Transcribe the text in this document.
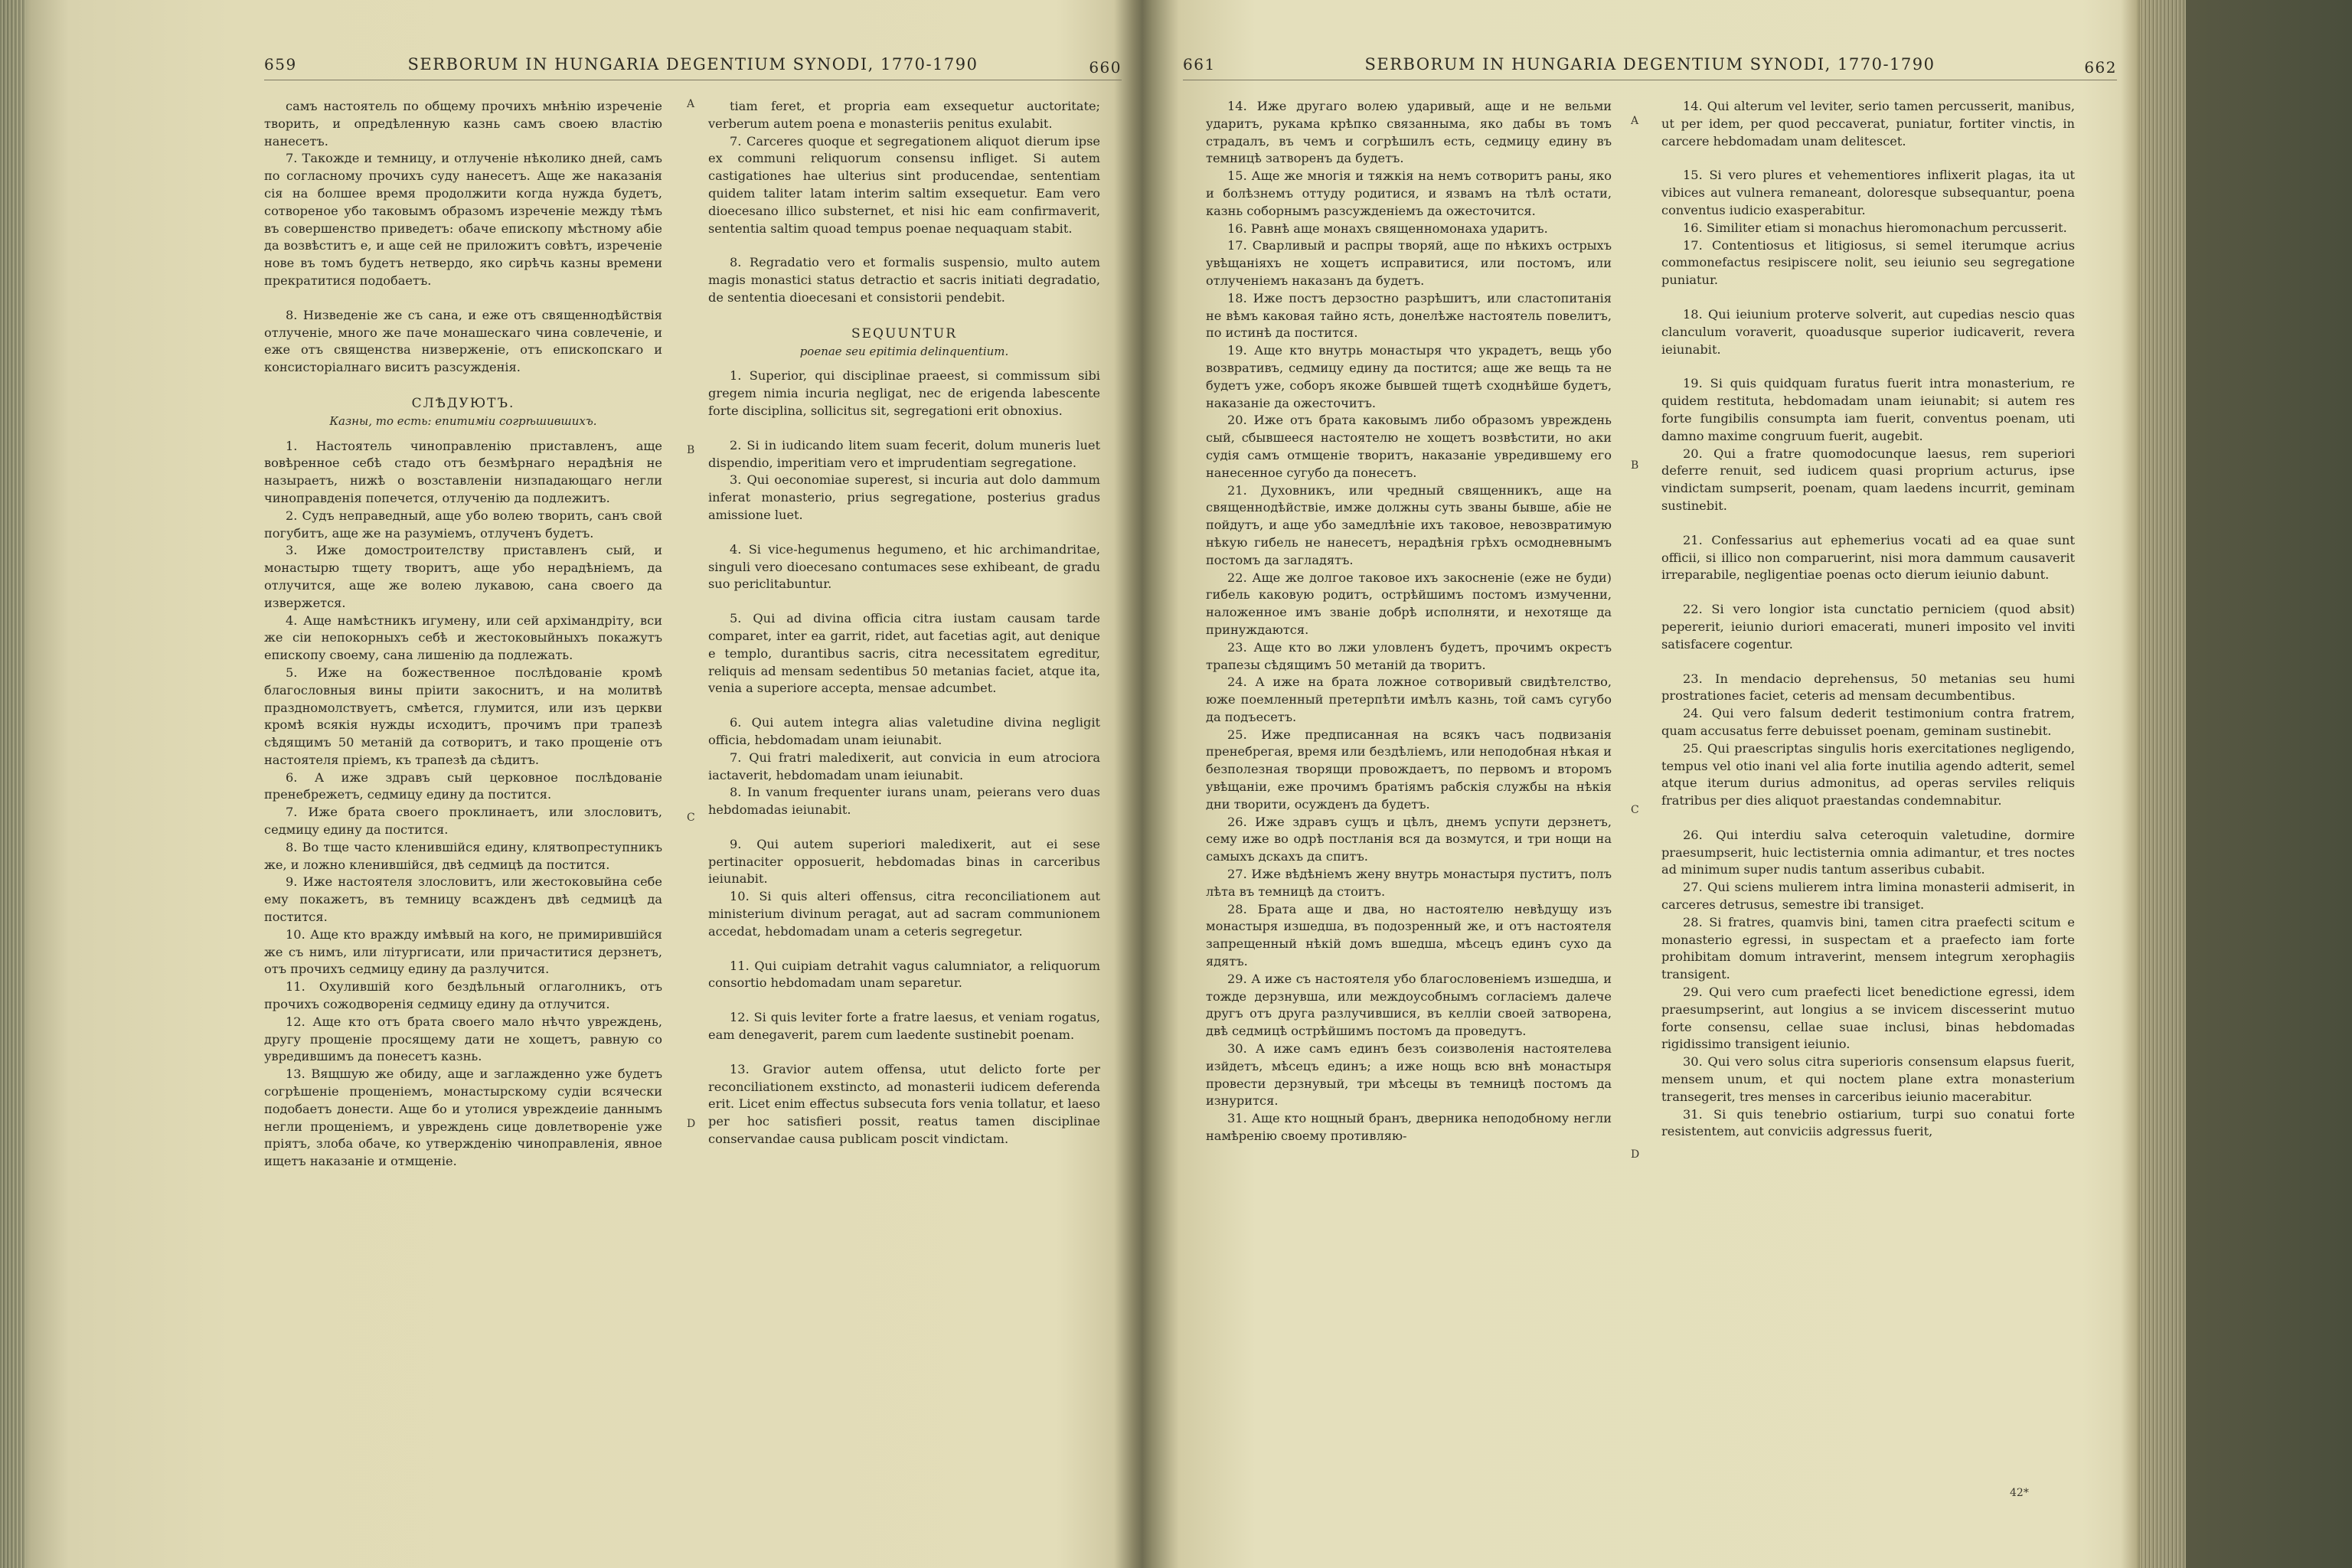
659	SERBORUM IN HUNGARIA DEGENTIUM SYNODI, 1770-1790	660

самъ настоятель по общему прочихъ мнѣнію изреченіе творить, и опредѣленную казнь самъ своею властію нанесетъ.

7. Такожде и темницу, и отлученіе нѣколико дней, самъ по согласному прочихъ суду нанесетъ. Аще же наказанія сія на болшее время продолжити когда нужда будетъ, сотвореное убо таковымъ образомъ изреченіе между тѣмъ въ совершенство приведетъ: обаче епископу мѣстному абіе да возвѣститъ е, и аще сей не приложитъ совѣтъ, изреченіе нове въ томъ будетъ нетвердо, яко сирѣчь казны времени прекратитися подобаетъ.

8. Низведеніе же съ сана, и еже отъ священнодѣйствія отлученіе, много же паче монашескаго чина совлеченіе, и еже отъ священства низверженіе, отъ епископскаго и консисторіалнаго виситъ разсужденія.

СЛѢДУЮТЪ.

Казны, то есть: епитиміи согрѣшившихъ.

1. Настоятель чиноправленію приставленъ, аще вовѣренное себѣ стадо отъ безмѣрнаго нерадѣнія не назыраетъ, нижѣ о возставленіи низпадающаго негли чиноправденія попечется, отлученію да подлежитъ.

2. Судъ неправедный, аще убо волею творить, санъ свой погубитъ, аще же на разуміемъ, отлученъ будетъ.

3. Иже домостроителству приставленъ сый, и монастырю тщету творитъ, аще убо нерадѣніемъ, да отлучится, аще же волею лукавою, сана своего да извержется.

4. Аще намѣстникъ игумену, или сей архімандріту, вси же сіи непокорныхъ себѣ и жестоковыйныхъ покажутъ епископу своему, сана лишенію да подлежать.

5. Иже на божественное послѣдованіе кромѣ благословныя вины пріити закоснитъ, и на молитвѣ праздномолствуетъ, смѣется, глумится, или изъ церкви кромѣ всякія нужды исходитъ, прочимъ при трапезѣ сѣдящимъ 50 метаній да сотворитъ, и тако прощеніе отъ настоятеля пріемъ, къ трапезѣ да сѣдитъ.

6. А иже здравъ сый церковное послѣдованіе пренебрежетъ, седмицу едину да постится.

7. Иже брата своего проклинаетъ, или злословитъ, седмицу едину да постится.

8. Во тще часто кленившійся едину, клятвопреступникъ же, и ложно кленившійся, двѣ седмицѣ да постится.

9. Иже настоятеля злословитъ, или жестоковыйна себе ему покажетъ, въ темницу всажденъ двѣ седмицѣ да постится.

10. Аще кто вражду имѣвый на кого, не примирившійся же съ нимъ, или літургисати, или причаститися дерзнетъ, отъ прочихъ седмицу едину да разлучится.

11. Охулившій кого бездѣльный оглаголникъ, отъ прочихъ сожодворенія седмицу едину да отлучится.

12. Аще кто отъ брата своего мало нѣчто увреждень, другу прощеніе просящему дати не хощетъ, равную со увредившимъ да понесетъ казнь.

13. Вящшую же обиду, аще и заглажденно уже будетъ согрѣшеніе прощеніемъ, монастырскому судіи всячески подобаетъ донести. Аще бо и утолися увреждеиіе даннымъ негли прощеніемъ, и увреждень сице довлетвореніе уже пріятъ, злоба обаче, ко утвержденію чиноправленія, явное ищетъ наказаніе и отмщеніе.

A
B
C
D

tiam feret, et propria eam exsequetur auctoritate; verberum autem poena e monasteriis penitus exulabit.

7. Carceres quoque et segregationem aliquot dierum ipse ex communi reliquorum consensu infliget. Si autem castigationes hae ulterius sint producendae, sententiam quidem taliter latam interim saltim exsequetur. Eam vero dioecesano illico substernet, et nisi hic eam confirmaverit, sententia saltim quoad tempus poenae nequaquam stabit.

8. Regradatio vero et formalis suspensio, multo autem magis monastici status detractio et sacris initiati degradatio, de sententia dioecesani et consistorii pendebit.

SEQUUNTUR

poenae seu epitimia delinquentium.

1. Superior, qui disciplinae praeest, si commissum sibi gregem nimia incuria negligat, nec de erigenda labescente forte disciplina, sollicitus sit, segregationi erit obnoxius.

2. Si in iudicando litem suam fecerit, dolum muneris luet dispendio, imperitiam vero et imprudentiam segregatione.

3. Qui oeconomiae superest, si incuria aut dolo dammum inferat monasterio, prius segregatione, posterius gradus amissione luet.

4. Si vice-hegumenus hegumeno, et hic archimandritae, singuli vero dioecesano contumaces sese exhibeant, de gradu suo periclitabuntur.

5. Qui ad divina officia citra iustam causam tarde comparet, inter ea garrit, ridet, aut facetias agit, aut denique e templo, durantibus sacris, citra necessitatem egreditur, reliquis ad mensam sedentibus 50 metanias faciet, atque ita, venia a superiore accepta, mensae adcumbet.

6. Qui autem integra alias valetudine divina negligit officia, hebdomadam unam ieiunabit.

7. Qui fratri maledixerit, aut convicia in eum atrociora iactaverit, hebdomadam unam ieiunabit.

8. In vanum frequenter iurans unam, peierans vero duas hebdomadas ieiunabit.

9. Qui autem superiori maledixerit, aut ei sese pertinaciter opposuerit, hebdomadas binas in carceribus ieiunabit.

10. Si quis alteri offensus, citra reconciliationem aut ministerium divinum peragat, aut ad sacram communionem accedat, hebdomadam unam a ceteris segregetur.

11. Qui cuipiam detrahit vagus calumniator, a reliquorum consortio hebdomadam unam separetur.

12. Si quis leviter forte a fratre laesus, et veniam rogatus, eam denegaverit, parem cum laedente sustinebit poenam.

13. Gravior autem offensa, utut delicto forte per reconciliationem exstincto, ad monasterii iudicem deferenda erit. Licet enim effectus subsecuta fors venia tollatur, et laeso per hoc satisfieri possit, reatus tamen disciplinae conservandae causa publicam poscit vindictam.

661	SERBORUM IN HUNGARIA DEGENTIUM SYNODI, 1770-1790	662

14. Иже другаго волею ударивый, аще и не вельми ударитъ, рукама крѣпко связанныма, яко дабы въ томъ страдалъ, въ чемъ и согрѣшилъ есть, седмицу едину въ темницѣ затворенъ да будетъ.

15. Аще же многія и тяжкія на немъ сотворитъ раны, яко и болѣзнемъ оттуду родитися, и язвамъ на тѣлѣ остати, казнь соборнымъ разсужденіемъ да ожесточится.

16. Равнѣ аще монахъ священномонаха ударитъ.

17. Сварливый и распры творяй, аще по нѣкихъ острыхъ увѣщаніяхъ не хощетъ исправитися, или постомъ, или отлученіемъ наказанъ да будетъ.

18. Иже постъ дерзостно разрѣшитъ, или сластопитанія не вѣмъ каковая тайно ясть, донелѣже настоятель повелитъ, по истинѣ да постится.

19. Аще кто внутрь монастыря что украдетъ, вещь убо возвративъ, седмицу едину да постится; аще же вещь та не будетъ уже, соборъ якоже бывшей тщетѣ сходнѣйше будетъ, наказаніе да ожесточитъ.

20. Иже отъ брата каковымъ либо образомъ увреждень сый, сбывшееся настоятелю не хощетъ возвѣстити, но аки судія самъ отмщеніе творитъ, наказаніе увредившему его нанесенное сугубо да понесетъ.

21. Духовникъ, или чредный священникъ, аще на священнодѣйствіе, имже должны суть званы бывше, абіе не пойдутъ, и аще убо замедлѣніе ихъ таковое, невозвратимую нѣкую гибель не нанесетъ, нерадѣнія грѣхъ осмодневнымъ постомъ да загладятъ.

22. Аще же долгое таковое ихъ закосненіе (еже не буди) гибель каковую родитъ, острѣйшимъ постомъ измученни, наложенное имъ званіе добрѣ исполняти, и нехотяще да принуждаются.

23. Аще кто во лжи уловленъ будетъ, прочимъ окрестъ трапезы сѣдящимъ 50 метаній да творитъ.

24. А иже на брата ложное сотворивый свидѣтелство, юже поемленный претерпѣти имѣлъ казнь, той самъ сугубо да подъесетъ.

25. Иже предписанная на всякъ часъ подвизанія пренебрегая, время или бездѣліемъ, или неподобная нѣкая и безполезная творящи провождаетъ, по первомъ и второмъ увѣщаніи, еже прочимъ братіямъ рабскія службы на нѣкія дни творити, осужденъ да будетъ.

26. Иже здравъ сущъ и цѣлъ, днемъ успути дерзнетъ, сему иже во одрѣ постланія вся да возмутся, и три нощи на самыхъ дскахъ да спитъ.

27. Иже вѣдѣніемъ жену внутрь монастыря пуститъ, полъ лѣта въ темницѣ да стоитъ.

28. Брата аще и два, но настоятелю невѣдущу изъ монастыря изшедша, въ подозренный же, и отъ настоятеля запрещенный нѣкій домъ вшедша, мѣсецъ единъ сухо да ядятъ.

29. А иже съ настоятеля убо благословеніемъ изшедша, и тожде дерзнувша, или междоусобнымъ согласіемъ далече другъ отъ друга разлучившися, въ келліи своей затворена, двѣ седмицѣ острѣйшимъ постомъ да проведутъ.

30. А иже самъ единъ безъ соизволенія настоятелева изйдетъ, мѣсецъ единъ; а иже нощь всю внѣ монастыря провести дерзнувый, три мѣсецы въ темницѣ постомъ да изнурится.

31. Аще кто нощный бранъ, дверника неподобному негли намѣренію своему противляю-

A
B
C
D

14. Qui alterum vel leviter, serio tamen percusserit, manibus, ut per idem, per quod peccaverat, puniatur, fortiter vinctis, in carcere hebdomadam unam delitescet.

15. Si vero plures et vehementiores inflixerit plagas, ita ut vibices aut vulnera remaneant, doloresque subsequantur, poena conventus iudicio exasperabitur.

16. Similiter etiam si monachus hieromonachum percusserit.

17. Contentiosus et litigiosus, si semel iterumque acrius commonefactus resipiscere nolit, seu ieiunio seu segregatione puniatur.

18. Qui ieiunium proterve solverit, aut cupedias nescio quas clanculum voraverit, quoadusque superior iudicaverit, revera ieiunabit.

19. Si quis quidquam furatus fuerit intra monasterium, re quidem restituta, hebdomadam unam ieiunabit; si autem res forte fungibilis consumpta iam fuerit, conventus poenam, uti damno maxime congruum fuerit, augebit.

20. Qui a fratre quomodocunque laesus, rem superiori deferre renuit, sed iudicem quasi proprium acturus, ipse vindictam sumpserit, poenam, quam laedens incurrit, geminam sustinebit.

21. Confessarius aut ephemerius vocati ad ea quae sunt officii, si illico non comparuerint, nisi mora dammum causaverit irreparabile, negligentiae poenas octo dierum ieiunio dabunt.

22. Si vero longior ista cunctatio perniciem (quod absit) pepererit, ieiunio duriori emacerati, muneri imposito vel inviti satisfacere cogentur.

23. In mendacio deprehensus, 50 metanias seu humi prostrationes faciet, ceteris ad mensam decumbentibus.

24. Qui vero falsum dederit testimonium contra fratrem, quam accusatus ferre debuisset poenam, geminam sustinebit.

25. Qui praescriptas singulis horis exercitationes negligendo, tempus vel otio inani vel alia forte inutilia agendo adterit, semel atque iterum durius admonitus, ad operas serviles reliquis fratribus per dies aliquot praestandas condemnabitur.

26. Qui interdiu salva ceteroquin valetudine, dormire praesumpserit, huic lectisternia omnia adimantur, et tres noctes ad minimum super nudis tantum asseribus cubabit.

27. Qui sciens mulierem intra limina monasterii admiserit, in carceres detrusus, semestre ibi transiget.

28. Si fratres, quamvis bini, tamen citra praefecti scitum e monasterio egressi, in suspectam et a praefecto iam forte prohibitam domum intraverint, mensem integrum xerophagiis transigent.

29. Qui vero cum praefecti licet benedictione egressi, idem praesumpserint, aut longius a se invicem discesserint mutuo forte consensu, cellae suae inclusi, binas hebdomadas rigidissimo transigent ieiunio.

30. Qui vero solus citra superioris consensum elapsus fuerit, mensem unum, et qui noctem plane extra monasterium transegerit, tres menses in carceribus ieiunio macerabitur.

31. Si quis tenebrio ostiarium, turpi suo conatui forte resistentem, aut conviciis adgressus fuerit,

42*
